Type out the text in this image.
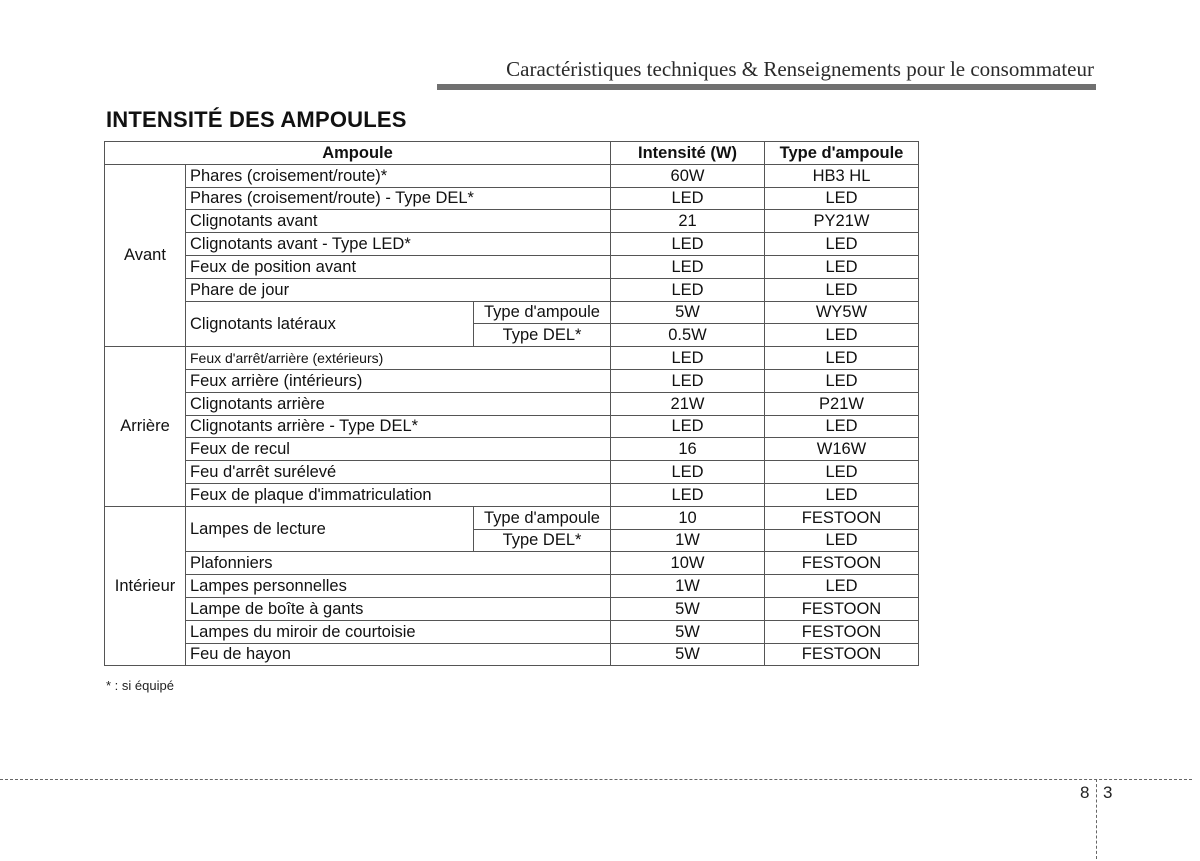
Caractéristiques techniques & Renseignements pour le consommateur
INTENSITÉ DES AMPOULES
Ampoule			Intensité (W)	Type d'ampoule
Avant	Phares (croisement/route)*		60W	HB3 HL
	Phares (croisement/route) - Type DEL*		LED	LED
	Clignotants avant		21	PY21W
	Clignotants avant - Type LED*		LED	LED
	Feux de position avant		LED	LED
	Phare de jour		LED	LED
	Clignotants latéraux	Type d'ampoule	5W	WY5W
		Type DEL*	0.5W	LED
Arrière	Feux d'arrêt/arrière (extérieurs)		LED	LED
	Feux arrière (intérieurs)		LED	LED
	Clignotants arrière		21W	P21W
	Clignotants arrière - Type DEL*		LED	LED
	Feux de recul		16	W16W
	Feu d'arrêt surélevé		LED	LED
	Feux de plaque d'immatriculation		LED	LED
Intérieur	Lampes de lecture	Type d'ampoule	10	FESTOON
		Type DEL*	1W	LED
	Plafonniers		10W	FESTOON
	Lampes personnelles		1W	LED
	Lampe de boîte à gants		5W	FESTOON
	Lampes du miroir de courtoisie		5W	FESTOON
	Feu de hayon		5W	FESTOON
* : si équipé
8 3
